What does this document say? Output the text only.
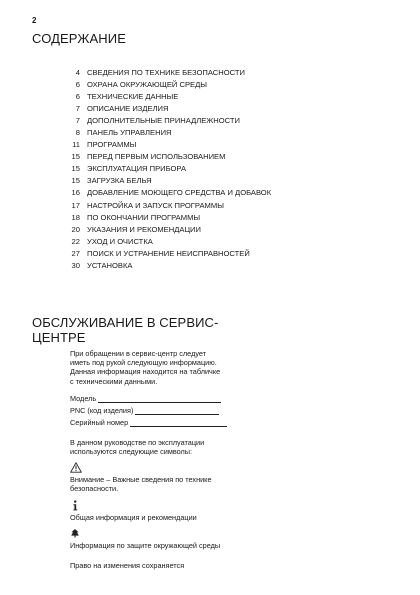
2
СОДЕРЖАНИЕ
4 СВЕДЕНИЯ ПО ТЕХНИКЕ БЕЗОПАСНОСТИ
6 ОХРАНА ОКРУЖАЮЩЕЙ СРЕДЫ
6 ТЕХНИЧЕСКИЕ ДАННЫЕ
7 ОПИСАНИЕ ИЗДЕЛИЯ
7 ДОПОЛНИТЕЛЬНЫЕ ПРИНАДЛЕЖНОСТИ
8 ПАНЕЛЬ УПРАВЛЕНИЯ
11 ПРОГРАММЫ
15 ПЕРЕД ПЕРВЫМ ИСПОЛЬЗОВАНИЕМ
15 ЭКСПЛУАТАЦИЯ ПРИБОРА
15 ЗАГРУЗКА БЕЛЬЯ
16 ДОБАВЛЕНИЕ МОЮЩЕГО СРЕДСТВА И ДОБАВОК
17 НАСТРОЙКА И ЗАПУСК ПРОГРАММЫ
18 ПО ОКОНЧАНИИ ПРОГРАММЫ
20 УКАЗАНИЯ И РЕКОМЕНДАЦИИ
22 УХОД И ОЧИСТКА
27 ПОИСК И УСТРАНЕНИЕ НЕИСПРАВНОСТЕЙ
30 УСТАНОВКА
ОБСЛУЖИВАНИЕ В СЕРВИС-
ЦЕНТРЕ

При обращении в сервис-центр следует
иметь под рукой следующую информацию.
Данная информация находится на табличке
с техническими данными.

Модель
PNC (код изделия)
Серийный номер

В данном руководстве по эксплуатации
используются следующие символы:

Внимание – Важные сведения по технике
безопасности.
Общая информация и рекомендации
Информация по защите окружающей среды

Право на изменения сохраняется
